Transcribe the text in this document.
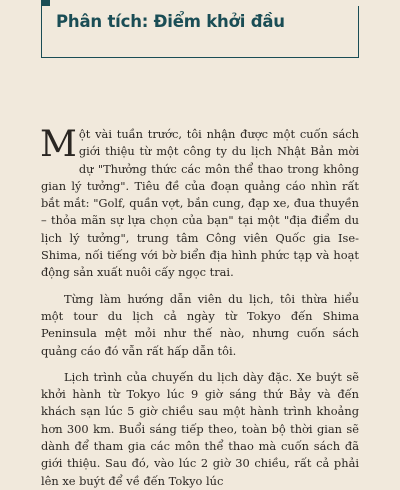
Phân tích: Điểm khởi đầu

Một vài tuần trước, tôi nhận được một cuốn sách giới thiệu từ một công ty du lịch Nhật Bản mời dự "Thưởng thức các môn thể thao trong không gian lý tưởng". Tiêu đề của đoạn quảng cáo nhìn rất bắt mắt: "Golf, quần vợt, bắn cung, đạp xe, đua thuyền – thỏa mãn sự lựa chọn của bạn" tại một "địa điểm du lịch lý tưởng", trung tâm Công viên Quốc gia Ise-Shima, nối tiếng với bờ biển địa hình phức tạp và hoạt động sản xuất nuôi cấy ngọc trai.

Từng làm hướng dẫn viên du lịch, tôi thừa hiểu một tour du lịch cả ngày từ Tokyo đến Shima Peninsula mệt mỏi như thế nào, nhưng cuốn sách quảng cáo đó vẫn rất hấp dẫn tôi.

Lịch trình của chuyến du lịch dày đặc. Xe buýt sẽ khởi hành từ Tokyo lúc 9 giờ sáng thứ Bảy và đến khách sạn lúc 5 giờ chiều sau một hành trình khoảng hơn 300 km. Buổi sáng tiếp theo, toàn bộ thời gian sẽ dành để tham gia các môn thể thao mà cuốn sách đã giới thiệu. Sau đó, vào lúc 2 giờ 30 chiều, rất cả phải lên xe buýt để về đến Tokyo lúc
